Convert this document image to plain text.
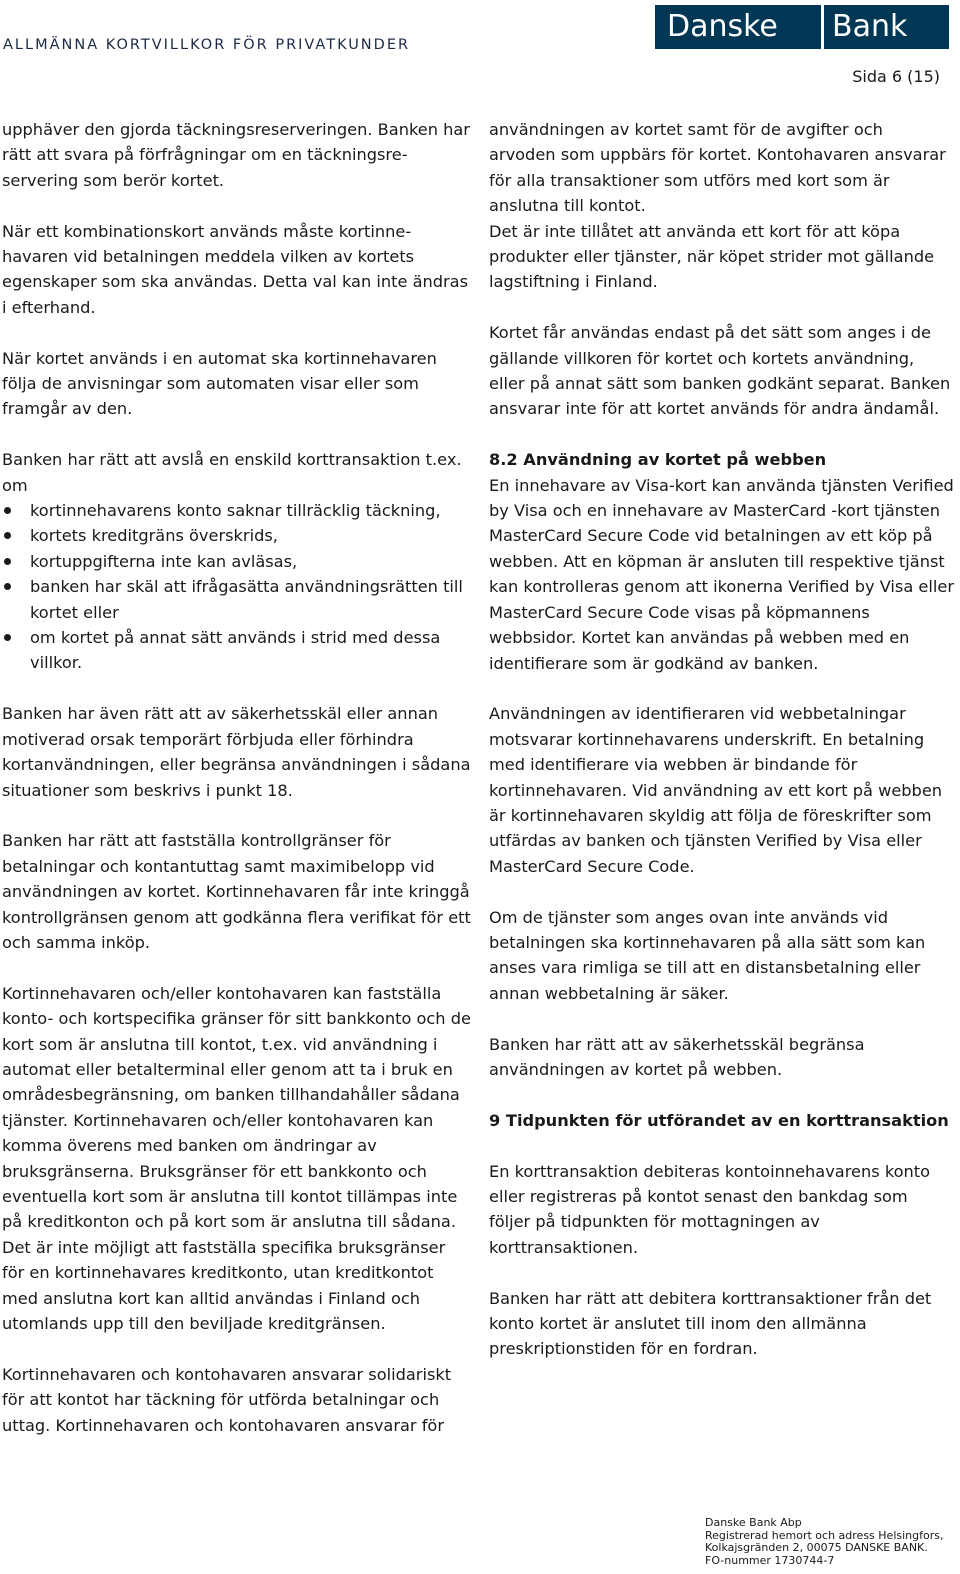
ALLMÄNNA KORTVILLKOR FÖR PRIVATKUNDER
Danske	Bank
Sida 6 (15)

upphäver den gjorda täckningsreserveringen. Banken har rätt att svara på förfrågningar om en täckningsre-servering som berör kortet.

När ett kombinationskort används måste kortinne-havaren vid betalningen meddela vilken av kortets egenskaper som ska användas. Detta val kan inte ändras i efterhand.

När kortet används i en automat ska kortinnehavaren följa de anvisningar som automaten visar eller som framgår av den.

Banken har rätt att avslå en enskild korttransaktion t.ex. om

kortinnehavarens konto saknar tillräcklig täckning,
kortets kreditgräns överskrids,
kortuppgifterna inte kan avläsas,
banken har skäl att ifrågasätta användningsrätten till kortet eller
om kortet på annat sätt används i strid med dessa villkor.

Banken har även rätt att av säkerhetsskäl eller annan motiverad orsak temporärt förbjuda eller förhindra kortanvändningen, eller begränsa användningen i sådana situationer som beskrivs i punkt 18.

Banken har rätt att fastställa kontrollgränser för betalningar och kontantuttag samt maximibelopp vid användningen av kortet. Kortinnehavaren får inte kringgå kontrollgränsen genom att godkänna flera verifikat för ett och samma inköp.

Kortinnehavaren och/eller kontohavaren kan fastställa konto- och kortspecifika gränser för sitt bankkonto och de kort som är anslutna till kontot, t.ex. vid användning i automat eller betalterminal eller genom att ta i bruk en områdesbegränsning, om banken tillhandahåller sådana tjänster. Kortinnehavaren och/eller kontohavaren kan komma överens med banken om ändringar av bruksgränserna. Bruksgränser för ett bankkonto och eventuella kort som är anslutna till kontot tillämpas inte på kreditkonton och på kort som är anslutna till sådana. Det är inte möjligt att fastställa specifika bruksgränser för en kortinnehavares kreditkonto, utan kreditkontot med anslutna kort kan alltid användas i Finland och utomlands upp till den beviljade kreditgränsen.

Kortinnehavaren och kontohavaren ansvarar solidariskt för att kontot har täckning för utförda betalningar och uttag. Kortinnehavaren och kontohavaren ansvarar för

användningen av kortet samt för de avgifter och arvoden som uppbärs för kortet. Kontohavaren ansvarar för alla transaktioner som utförs med kort som är anslutna till kontot.

Det är inte tillåtet att använda ett kort för att köpa produkter eller tjänster, när köpet strider mot gällande lagstiftning i Finland.

Kortet får användas endast på det sätt som anges i de gällande villkoren för kortet och kortets användning, eller på annat sätt som banken godkänt separat. Banken ansvarar inte för att kortet används för andra ändamål.

8.2 Användning av kortet på webben

En innehavare av Visa-kort kan använda tjänsten Verified by Visa och en innehavare av MasterCard -kort tjänsten MasterCard Secure Code vid betalningen av ett köp på webben. Att en köpman är ansluten till respektive tjänst kan kontrolleras genom att ikonerna Verified by Visa eller MasterCard Secure Code visas på köpmannens webbsidor. Kortet kan användas på webben med en identifierare som är godkänd av banken.

Användningen av identifieraren vid webbetalningar motsvarar kortinnehavarens underskrift. En betalning med identifierare via webben är bindande för kortinnehavaren. Vid användning av ett kort på webben är kortinnehavaren skyldig att följa de föreskrifter som utfärdas av banken och tjänsten Verified by Visa eller MasterCard Secure Code.

Om de tjänster som anges ovan inte används vid betalningen ska kortinnehavaren på alla sätt som kan anses vara rimliga se till att en distansbetalning eller annan webbetalning är säker.

Banken har rätt att av säkerhetsskäl begränsa användningen av kortet på webben.

9 Tidpunkten för utförandet av en korttransaktion

En korttransaktion debiteras kontoinnehavarens konto eller registreras på kontot senast den bankdag som följer på tidpunkten för mottagningen av korttransaktionen.

Banken har rätt att debitera korttransaktioner från det konto kortet är anslutet till inom den allmänna preskriptionstiden för en fordran.

Danske Bank Abp
Registrerad hemort och adress Helsingfors,
Kolkajsgränden 2, 00075 DANSKE BANK.
FO-nummer 1730744-7
